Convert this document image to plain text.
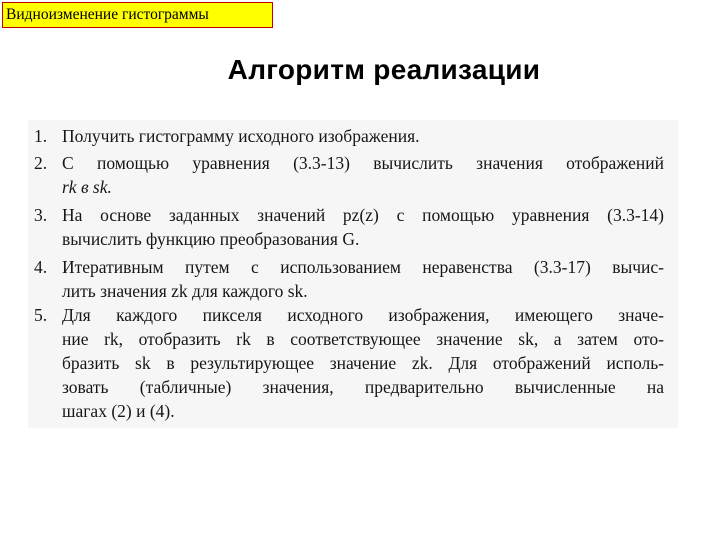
Видноизменение гистограммы
Алгоритм реализации
1. Получить гистограмму исходного изображения.
2. С помощью уравнения (3.3-13) вычислить значения отображений
rk в sk.
3. На основе заданных значений pz(z) с помощью уравнения (3.3-14)
вычислить функцию преобразования G.
4. Итеративным путем с использованием неравенства (3.3-17) вычис-
лить значения zk для каждого sk.
5. Для каждого пикселя исходного изображения, имеющего значе-
ние rk, отобразить rk в соответствующее значение sk, а затем ото-
бразить sk в результирующее значение zk. Для отображений исполь-
зовать (табличные) значения, предварительно вычисленные на
шагах (2) и (4).
